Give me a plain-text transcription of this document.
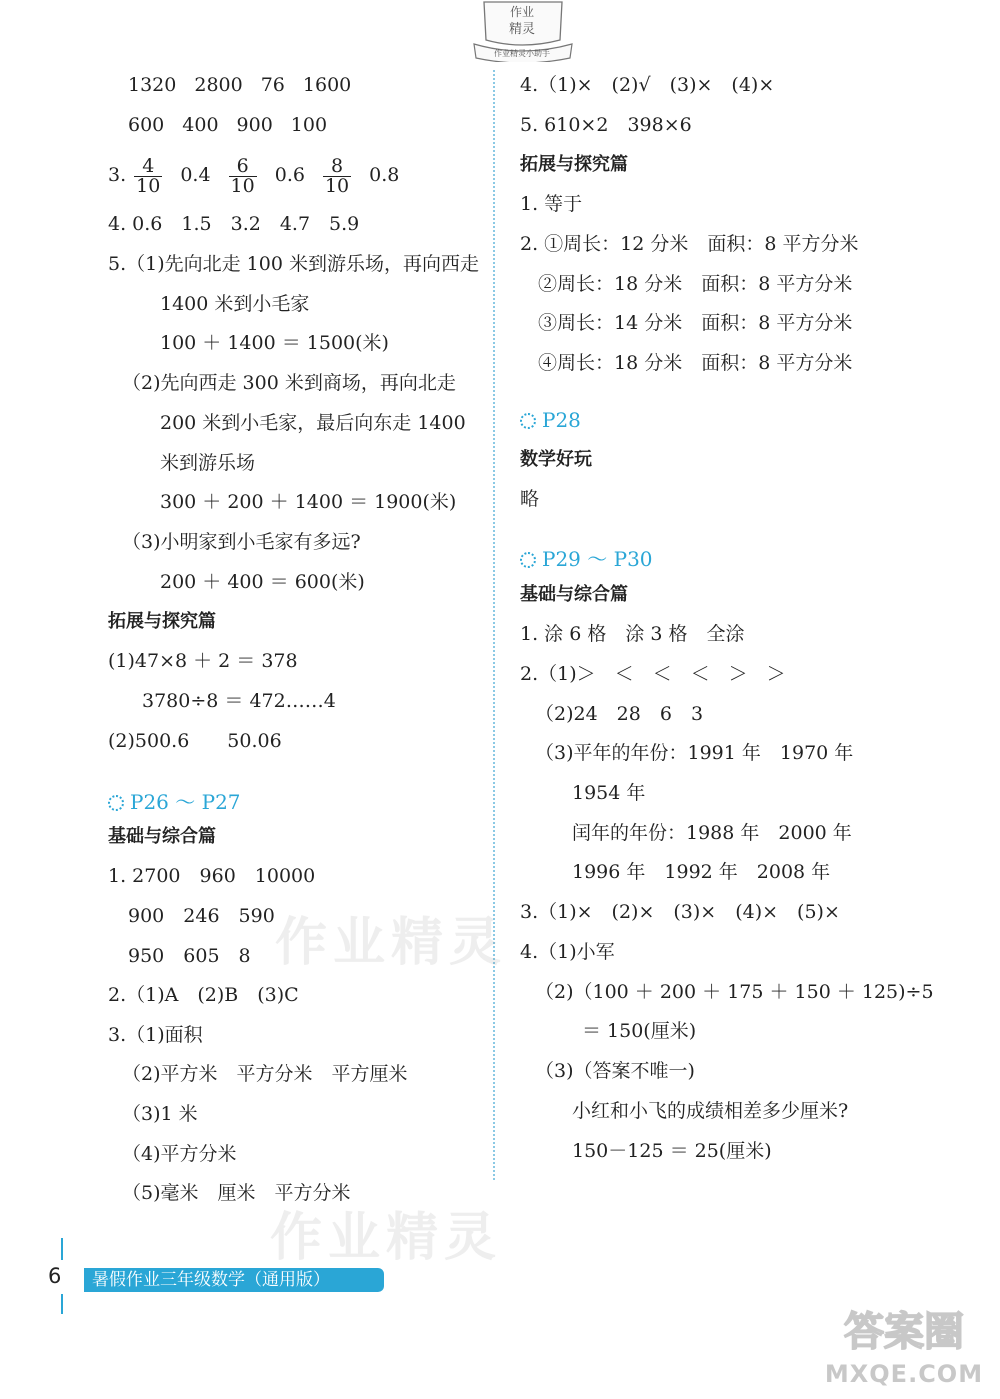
作业
精灵
作业精灵小助手
1320 2800 76 1600
600 400 900 100
3. $\frac{4}{10} 0.4 \frac{6}{10} 0.6 \frac{8}{10} 0.8$
4. 0.6　1.5　3.2　4.7　5.9
5.（1)先向北走 100 米到游乐场，再向西走
1400 米到小毛家
100 ＋ 1400 ＝ 1500(米)
（2)先向西走 300 米到商场，再向北走
200 米到小毛家，最后向东走 1400
米到游乐场
300 ＋ 200 ＋ 1400 ＝ 1900(米)
（3)小明家到小毛家有多远?
200 ＋ 400 ＝ 600(米)
拓展与探究篇
(1)47×8 ＋ 2 ＝ 378
3780÷8 ＝ 472……4
(2)500.6　　50.06
P26 ～ P27
基础与综合篇
1. 2700　960　10000
900　246　590
950　605　8
2.（1)A　(2)B　(3)C
3.（1)面积
（2)平方米　平方分米　平方厘米
（3)1 米
（4)平方分米
（5)毫米　厘米　平方分米
作业精灵
作业精灵
4.（1)×　(2)√　(3)×　(4)×
5. 610×2　398×6
拓展与探究篇
1. 等于
2. ①周长：12 分米　面积：8 平方分米
②周长：18 分米　面积：8 平方分米
③周长：14 分米　面积：8 平方分米
④周长：18 分米　面积：8 平方分米
P28
数学好玩
略
P29 ～ P30
基础与综合篇
1. 涂 6 格　涂 3 格　全涂
2.（1)＞　＜　＜　＜　＞　＞
（2)24　28　6　3
（3)平年的年份：1991 年　1970 年
1954 年
闰年的年份：1988 年　2000 年
1996 年　1992 年　2008 年
3.（1)×　(2)×　(3)×　(4)×　(5)×
4.（1)小军
（2)（100 ＋ 200 ＋ 175 ＋ 150 ＋ 125)÷5
＝ 150(厘米)
（3)（答案不唯一)
小红和小飞的成绩相差多少厘米?
150－125 ＝ 25(厘米)
6	暑假作业三年级数学（通用版）
答案圈
MXQE.COM
